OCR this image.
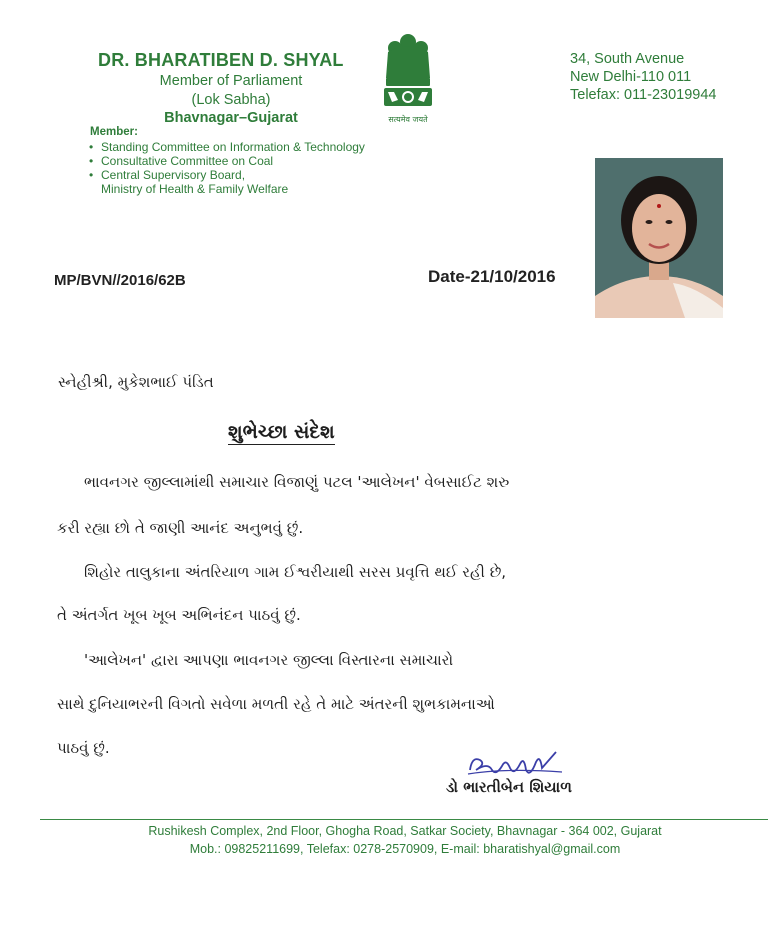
DR. BHARATIBEN D. SHYAL
Member of Parliament
(Lok Sabha)
Bhavnagar–Gujarat	सत्यमेव जयते
Member:
• Standing Committee on Information & Technology
• Consultative Committee on Coal
• Central Supervisory Board,
Ministry of Health & Family Welfare
34, South Avenue
New Delhi-110 011
Telefax: 011-23019944
MP/BVN//2016/62B	Date-21/10/2016
સ્નેહીશ્રી, મુકેશભાઈ પંડિત
શુભેચ્છા સંદેશ
ભાવનગર જીલ્લામાંથી સમાચાર વિજાણું પટલ 'આલેખન' વેબસાઈટ શરુ
કરી રહ્યા છો તે જાણી આનંદ અનુભવું છું.
શિહોર તાલુકાના અંતરિયાળ ગામ ઈશ્વરીયાથી સરસ પ્રવૃત્તિ થઈ રહી છે,
તે અંતર્ગત ખૂબ ખૂબ અભિનંદન પાઠવું છું.
'આલેખન' દ્વારા આપણા ભાવનગર જીલ્લા વિસ્તારના સમાચારો
સાથે દુનિયાભરની વિગતો સવેળા મળતી રહે તે માટે અંતરની શુભકામનાઓ
પાઠવું છું.
ડો ભારતીબેન શિયાળ
Rushikesh Complex, 2nd Floor, Ghogha Road, Satkar Society, Bhavnagar - 364 002, Gujarat
Mob.: 09825211699, Telefax: 0278-2570909, E-mail: bharatishyal@gmail.com
